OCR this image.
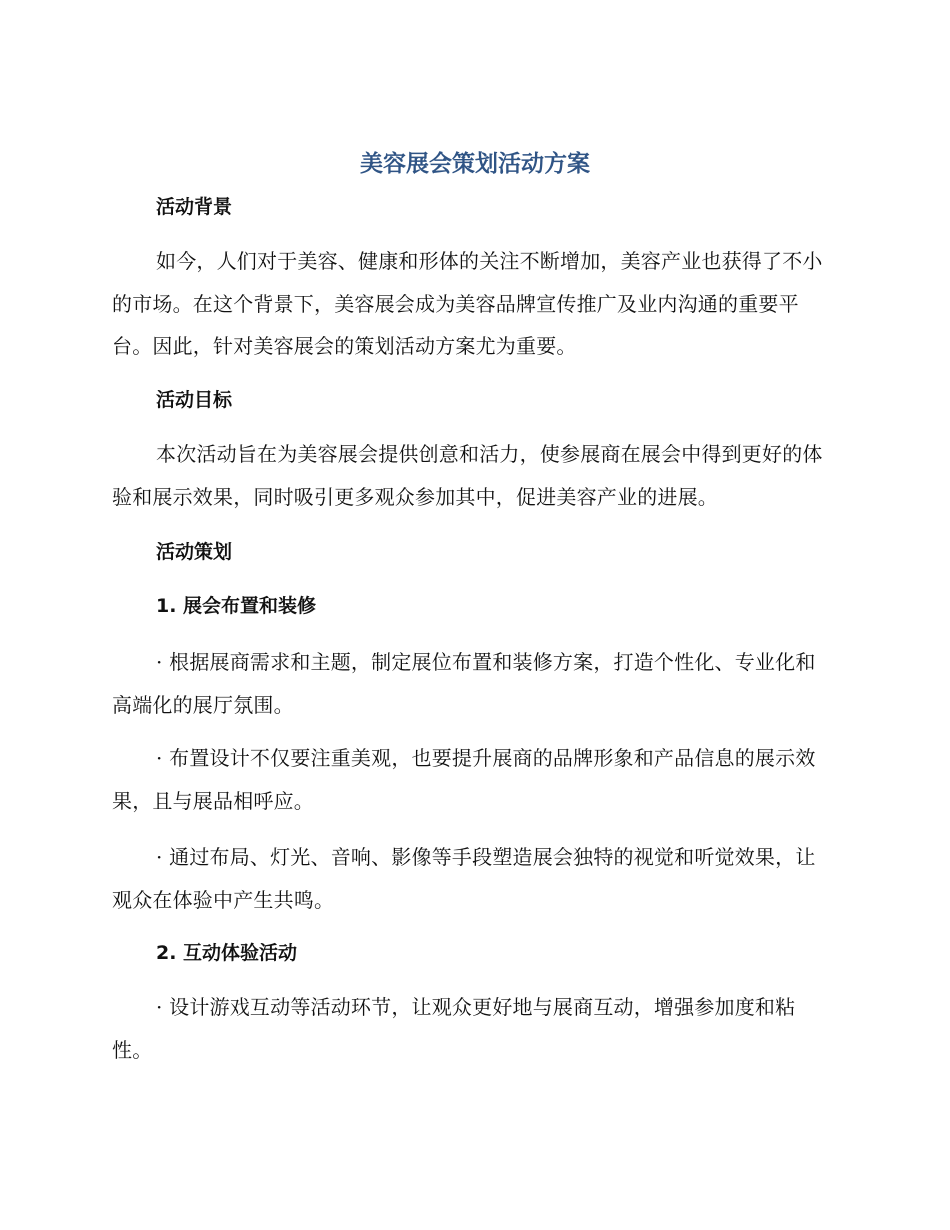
美容展会策划活动方案
活动背景

如今，人们对于美容、健康和形体的关注不断增加，美容产业也获得了不小的市场。在这个背景下，美容展会成为美容品牌宣传推广及业内沟通的重要平台。因此，针对美容展会的策划活动方案尤为重要。

活动目标

本次活动旨在为美容展会提供创意和活力，使参展商在展会中得到更好的体验和展示效果，同时吸引更多观众参加其中，促进美容产业的进展。

活动策划
1. 展会布置和装修

· 根据展商需求和主题，制定展位布置和装修方案，打造个性化、专业化和高端化的展厅氛围。

· 布置设计不仅要注重美观，也要提升展商的品牌形象和产品信息的展示效果，且与展品相呼应。

· 通过布局、灯光、音响、影像等手段塑造展会独特的视觉和听觉效果，让观众在体验中产生共鸣。

2. 互动体验活动

· 设计游戏互动等活动环节，让观众更好地与展商互动，增强参加度和粘性。
